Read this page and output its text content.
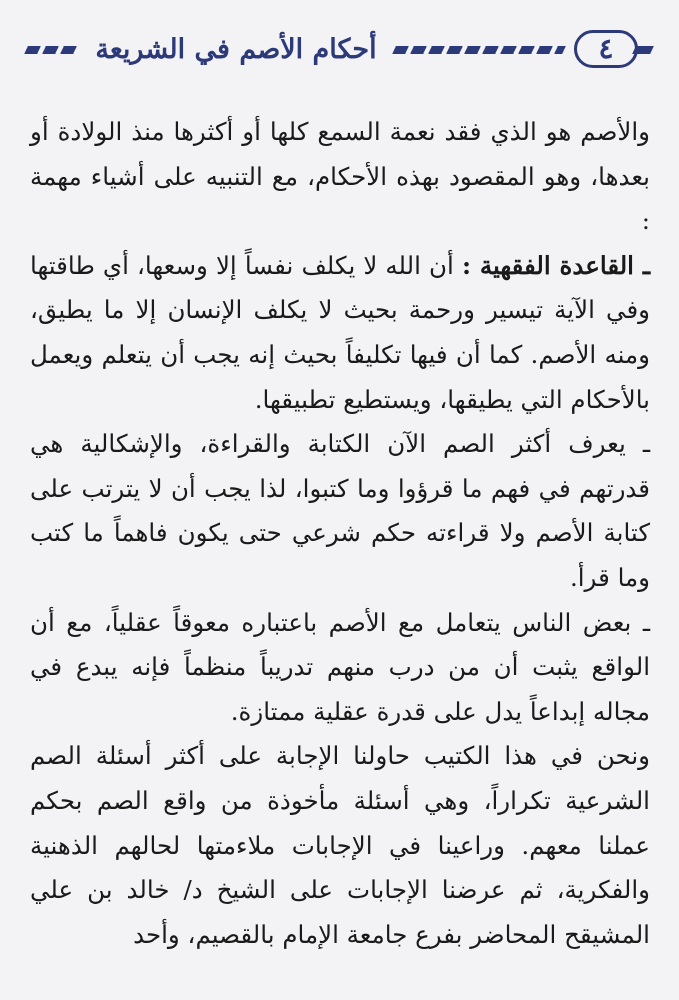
أحكام الأصم في الشريعة	٤

والأصم هو الذي فقد نعمة السمع كلها أو أكثرها منذ الولادة أو بعدها، وهو المقصود بهذه الأحكام، مع التنبيه على أشياء مهمة :

ـ القاعدة الفقهية : أن الله لا يكلف نفساً إلا وسعها، أي طاقتها وفي الآية تيسير ورحمة بحيث لا يكلف الإنسان إلا ما يطيق، ومنه الأصم. كما أن فيها تكليفاً بحيث إنه يجب أن يتعلم ويعمل بالأحكام التي يطيقها، ويستطيع تطبيقها.

ـ يعرف أكثر الصم الآن الكتابة والقراءة، والإشكالية هي قدرتهم في فهم ما قرؤوا وما كتبوا، لذا يجب أن لا يترتب على كتابة الأصم ولا قراءته حكم شرعي حتى يكون فاهماً ما كتب وما قرأ.

ـ بعض الناس يتعامل مع الأصم باعتباره معوقاً عقلياً، مع أن الواقع يثبت أن من درب منهم تدريباً منظماً فإنه يبدع في مجاله إبداعاً يدل على قدرة عقلية ممتازة.

ونحن في هذا الكتيب حاولنا الإجابة على أكثر أسئلة الصم الشرعية تكراراً، وهي أسئلة مأخوذة من واقع الصم بحكم عملنا معهم. وراعينا في الإجابات ملاءمتها لحالهم الذهنية والفكرية، ثم عرضنا الإجابات على الشيخ د/ خالد بن علي المشيقح المحاضر بفرع جامعة الإمام بالقصيم، وأحد
